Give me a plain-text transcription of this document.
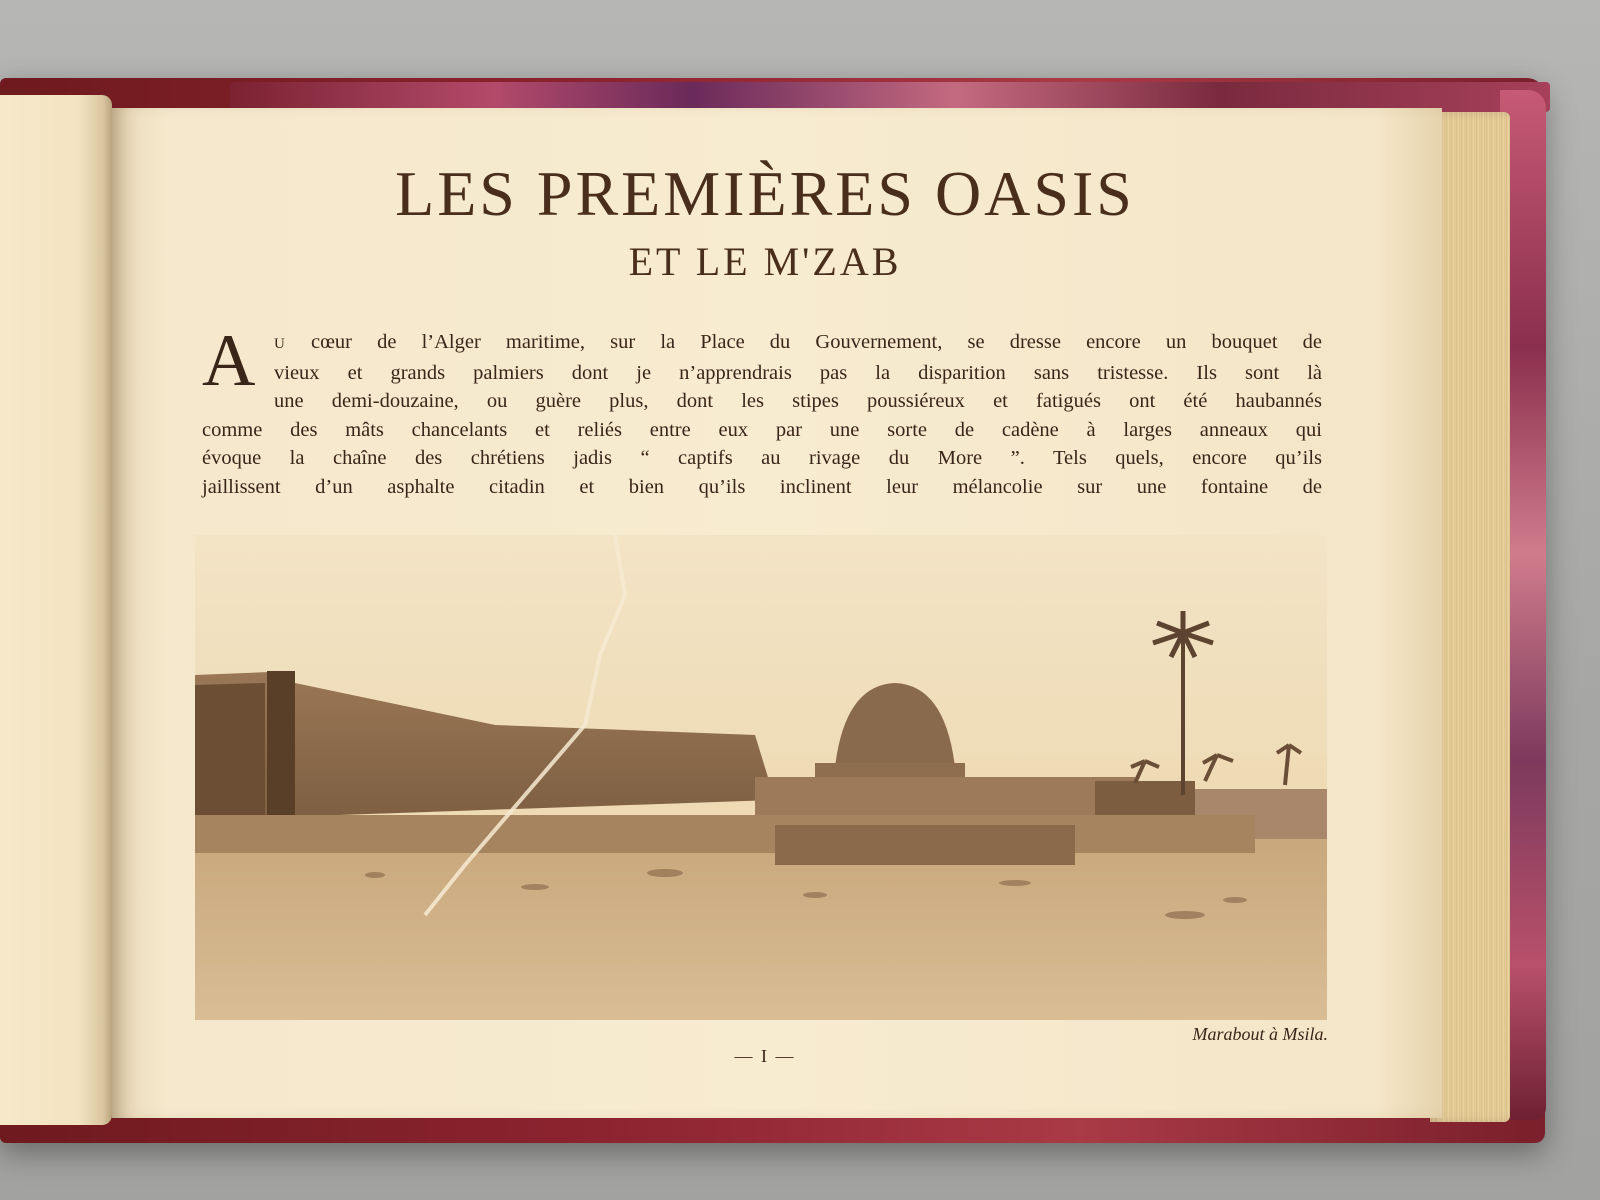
LES PREMIÈRES OASIS
ET LE M'ZAB
A	U cœur de l’Alger maritime, sur la Place du Gouvernement, se dresse encore un bouquet de
vieux et grands palmiers dont je n’apprendrais pas la disparition sans tristesse. Ils sont là
une demi-douzaine, ou guère plus, dont les stipes poussiéreux et fatigués ont été haubannés
comme des mâts chancelants et reliés entre eux par une sorte de cadène à larges anneaux qui
évoque la chaîne des chrétiens jadis “ captifs au rivage du More ”. Tels quels, encore qu’ils
jaillissent d’un asphalte citadin et bien qu’ils inclinent leur mélancolie sur une fontaine de
Marabout à Msila.
— I —
